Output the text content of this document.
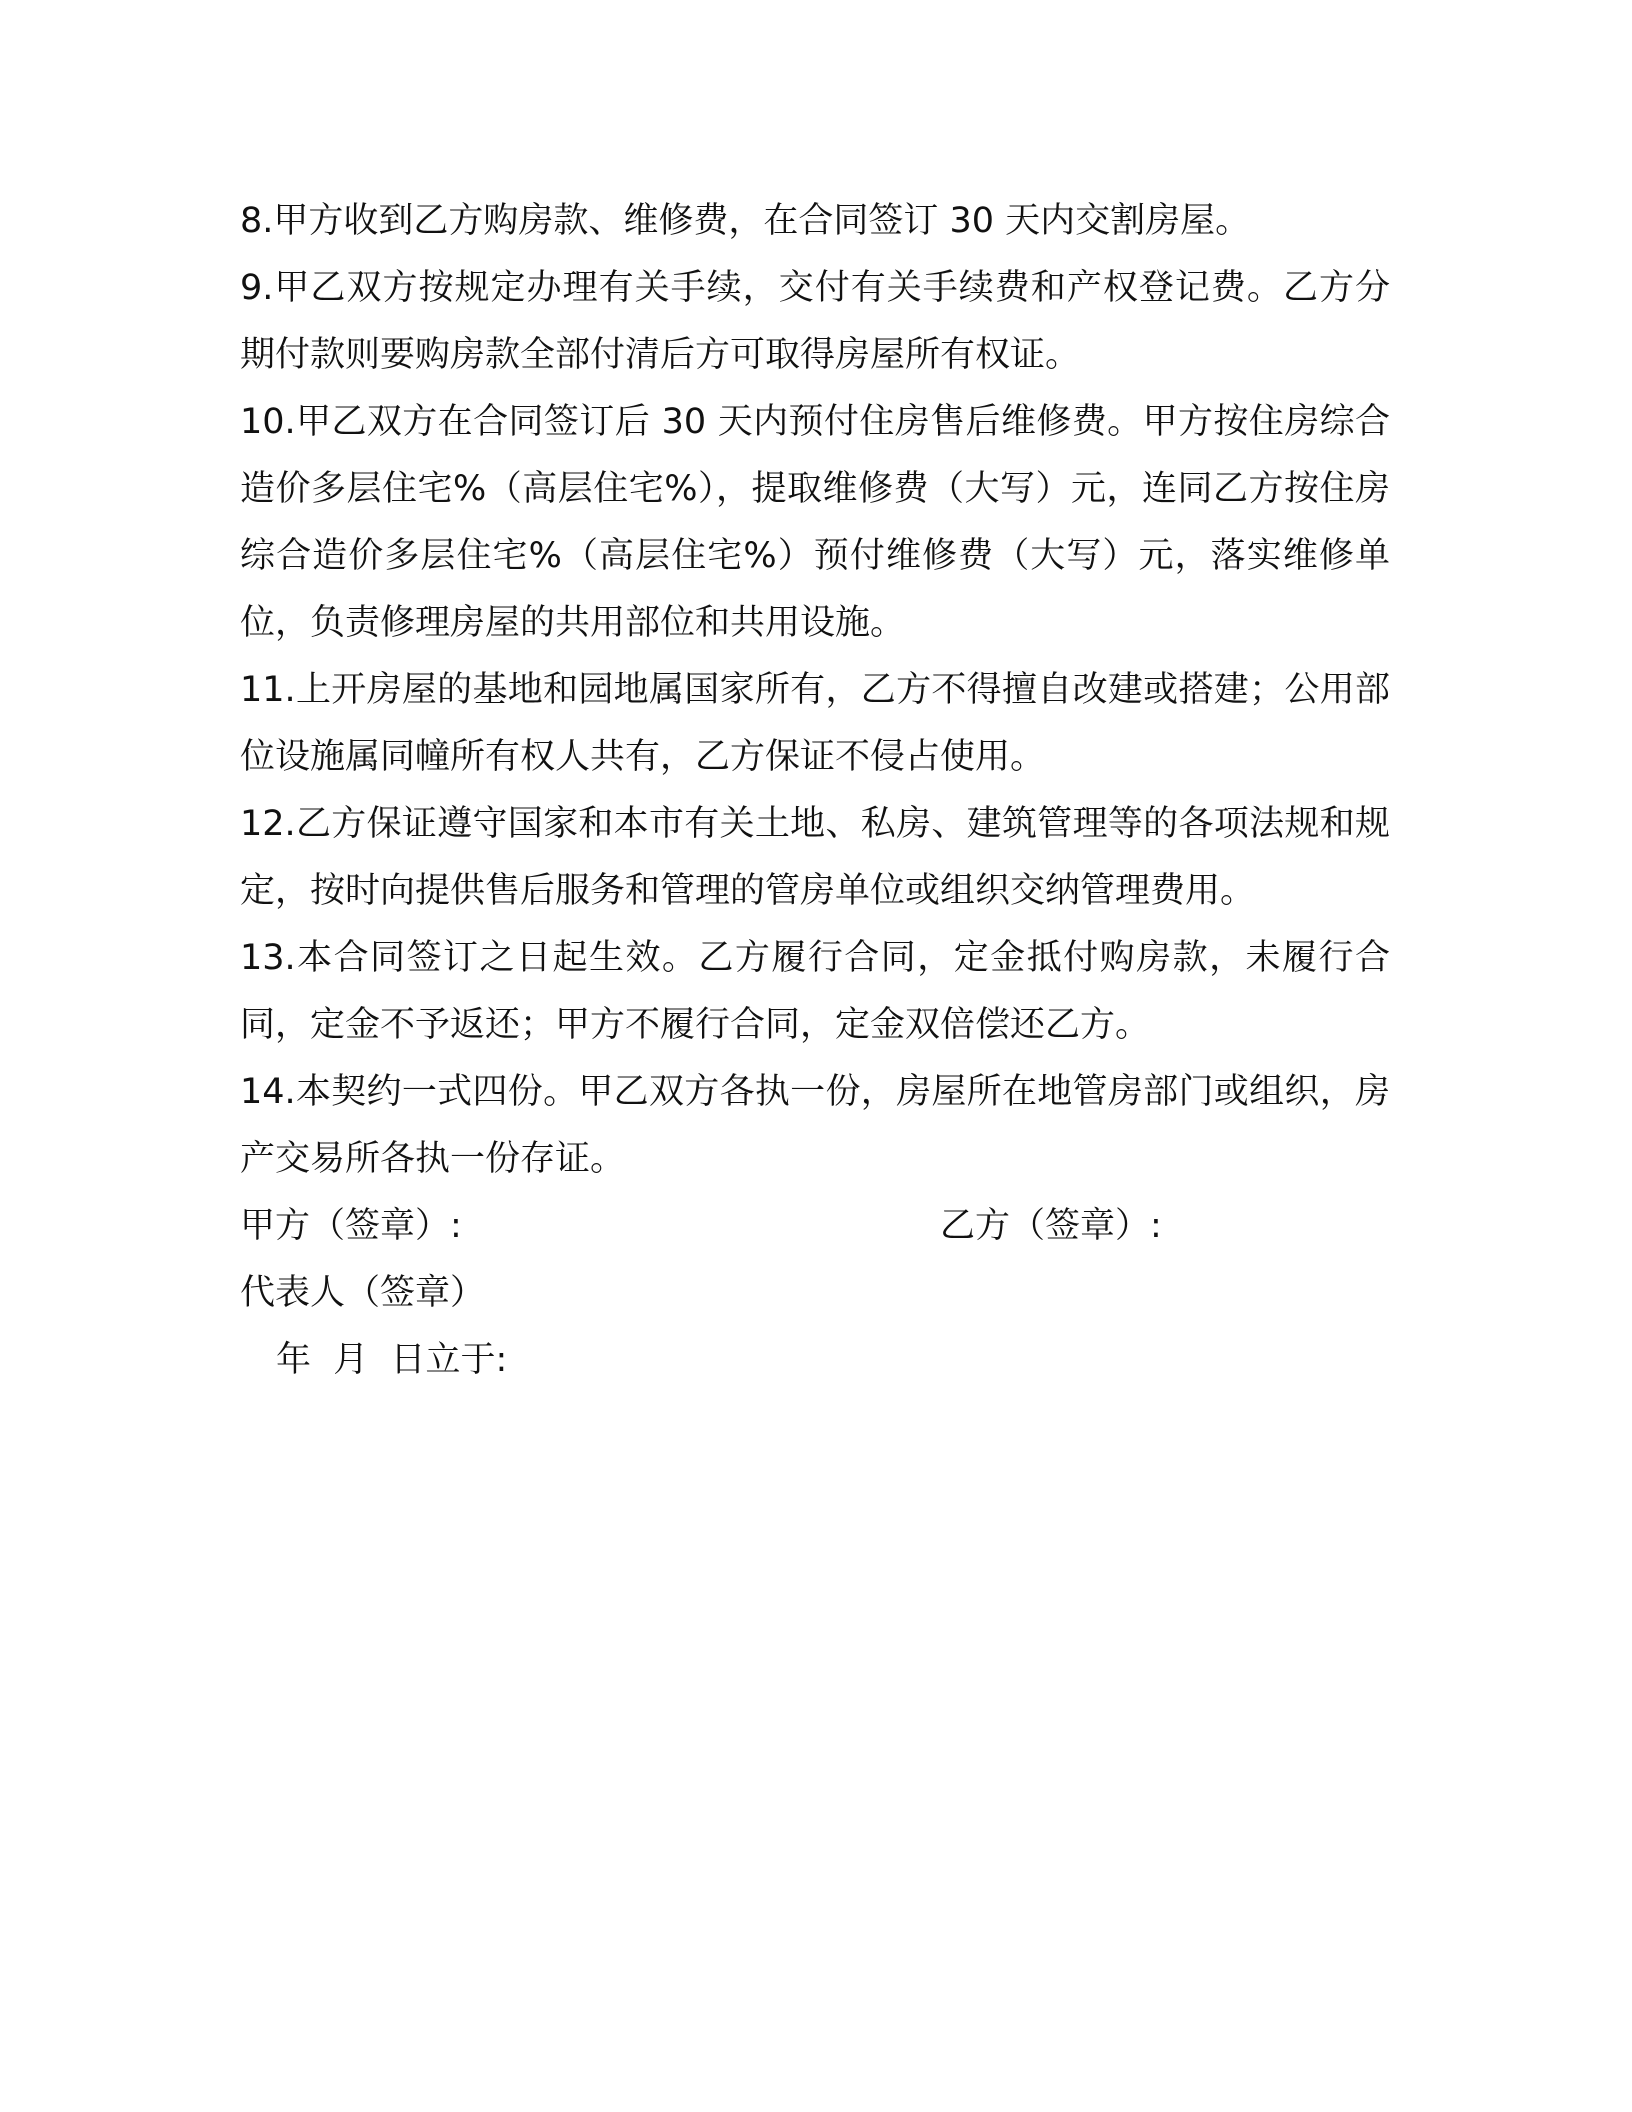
8.甲方收到乙方购房款、维修费，在合同签订 30 天内交割房屋。

9.甲乙双方按规定办理有关手续，交付有关手续费和产权登记费。乙方分期付款则要购房款全部付清后方可取得房屋所有权证。

10.甲乙双方在合同签订后 30 天内预付住房售后维修费。甲方按住房综合造价多层住宅%（高层住宅%），提取维修费（大写）元，连同乙方按住房综合造价多层住宅%（高层住宅%）预付维修费（大写）元，落实维修单位，负责修理房屋的共用部位和共用设施。

11.上开房屋的基地和园地属国家所有，乙方不得擅自改建或搭建；公用部位设施属同幢所有权人共有，乙方保证不侵占使用。

12.乙方保证遵守国家和本市有关土地、私房、建筑管理等的各项法规和规定，按时向提供售后服务和管理的管房单位或组织交纳管理费用。

13.本合同签订之日起生效。乙方履行合同，定金抵付购房款，未履行合同，定金不予返还；甲方不履行合同，定金双倍偿还乙方。

14.本契约一式四份。甲乙双方各执一份，房屋所在地管房部门或组织，房产交易所各执一份存证。

甲方（签章）:	乙方（签章）:
代表人（签章）
年  月  日立于:
